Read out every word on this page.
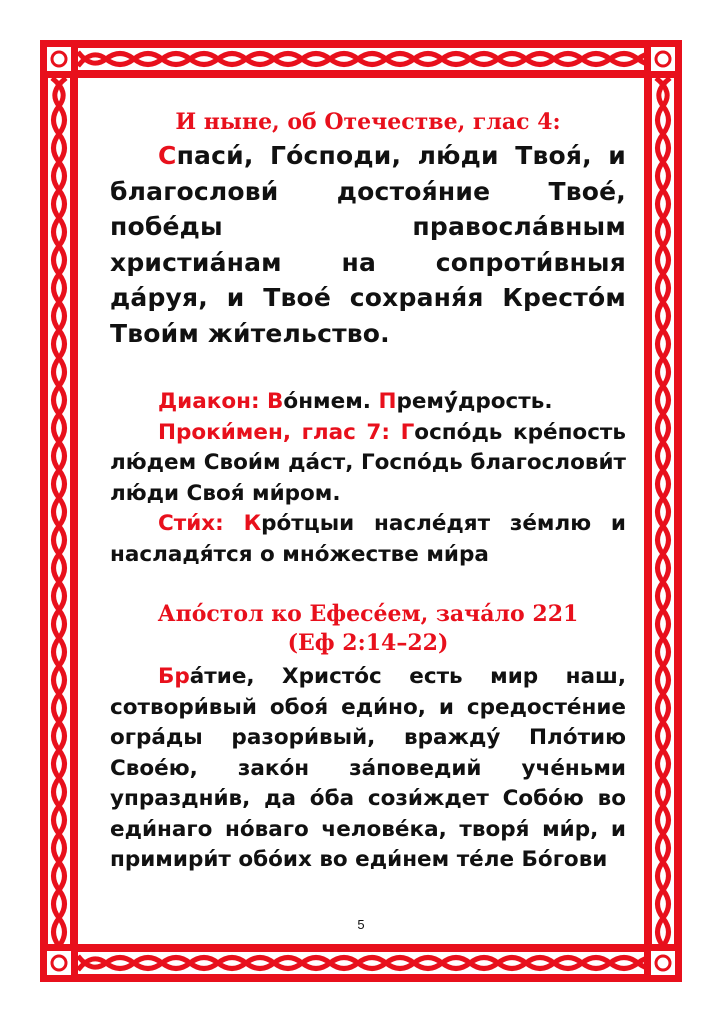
И ныне, об Отечестве, глас 4:

Спаси́, Го́споди, лю́ди Твоя́, и благослови́ достоя́ние Твое́, побе́ды правосла́вным христиа́нам на сопроти́вныя да́руя, и Твое́ сохраня́я Кресто́м Твои́м жи́тельство.

Диакон: Во́нмем. Премý́дрость.

Проки́мен, глас 7: Госпо́дь кре́пость лю́дем Свои́м да́ст, Госпо́дь благослови́т лю́ди Своя́ ми́ром.

Сти́х: Кро́тцыи насле́дят зе́млю и насладя́тся о мно́жестве ми́ра

Апо́стол ко Ефесе́ем, зача́ло 221

(Еф 2:14–22)

Бра́тие, Христо́с есть мир наш, сотвори́вый обоя́ еди́но, и средосте́ние огра́ды разори́вый, вражду́ Пло́тию Свое́ю, зако́н за́поведий уче́ньми упраздни́в, да о́ба сози́ждет Собо́ю во еди́наго но́ваго челове́ка, творя́ ми́р, и примири́т обо́их во еди́нем те́ле Бо́гови

5
